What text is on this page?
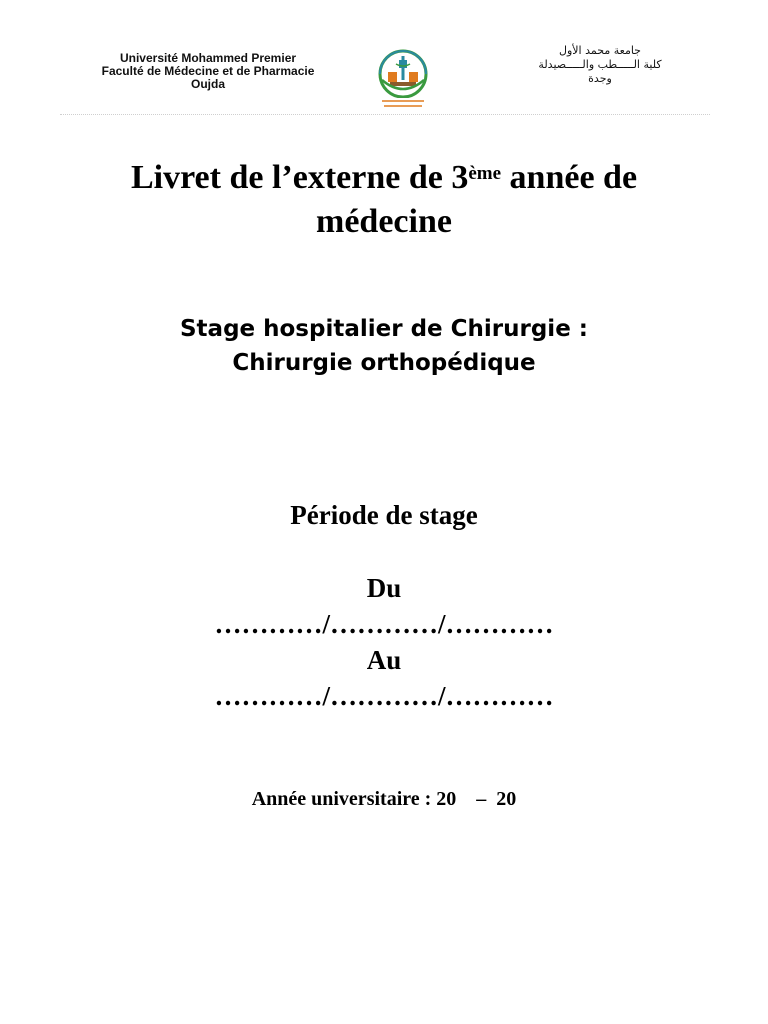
Université Mohammed Premier
Faculté de Médecine et de Pharmacie
Oujda
جامعة محمد الأول
كلية الـــــطب والـــــصيدلة
وجدة
Livret de l’externe de 3ème année de
médecine
Stage hospitalier de Chirurgie :
Chirurgie orthopédique
Période de stage
Du
…………/…………/…………
Au
…………/…………/…………
Année universitaire : 20    –  20
